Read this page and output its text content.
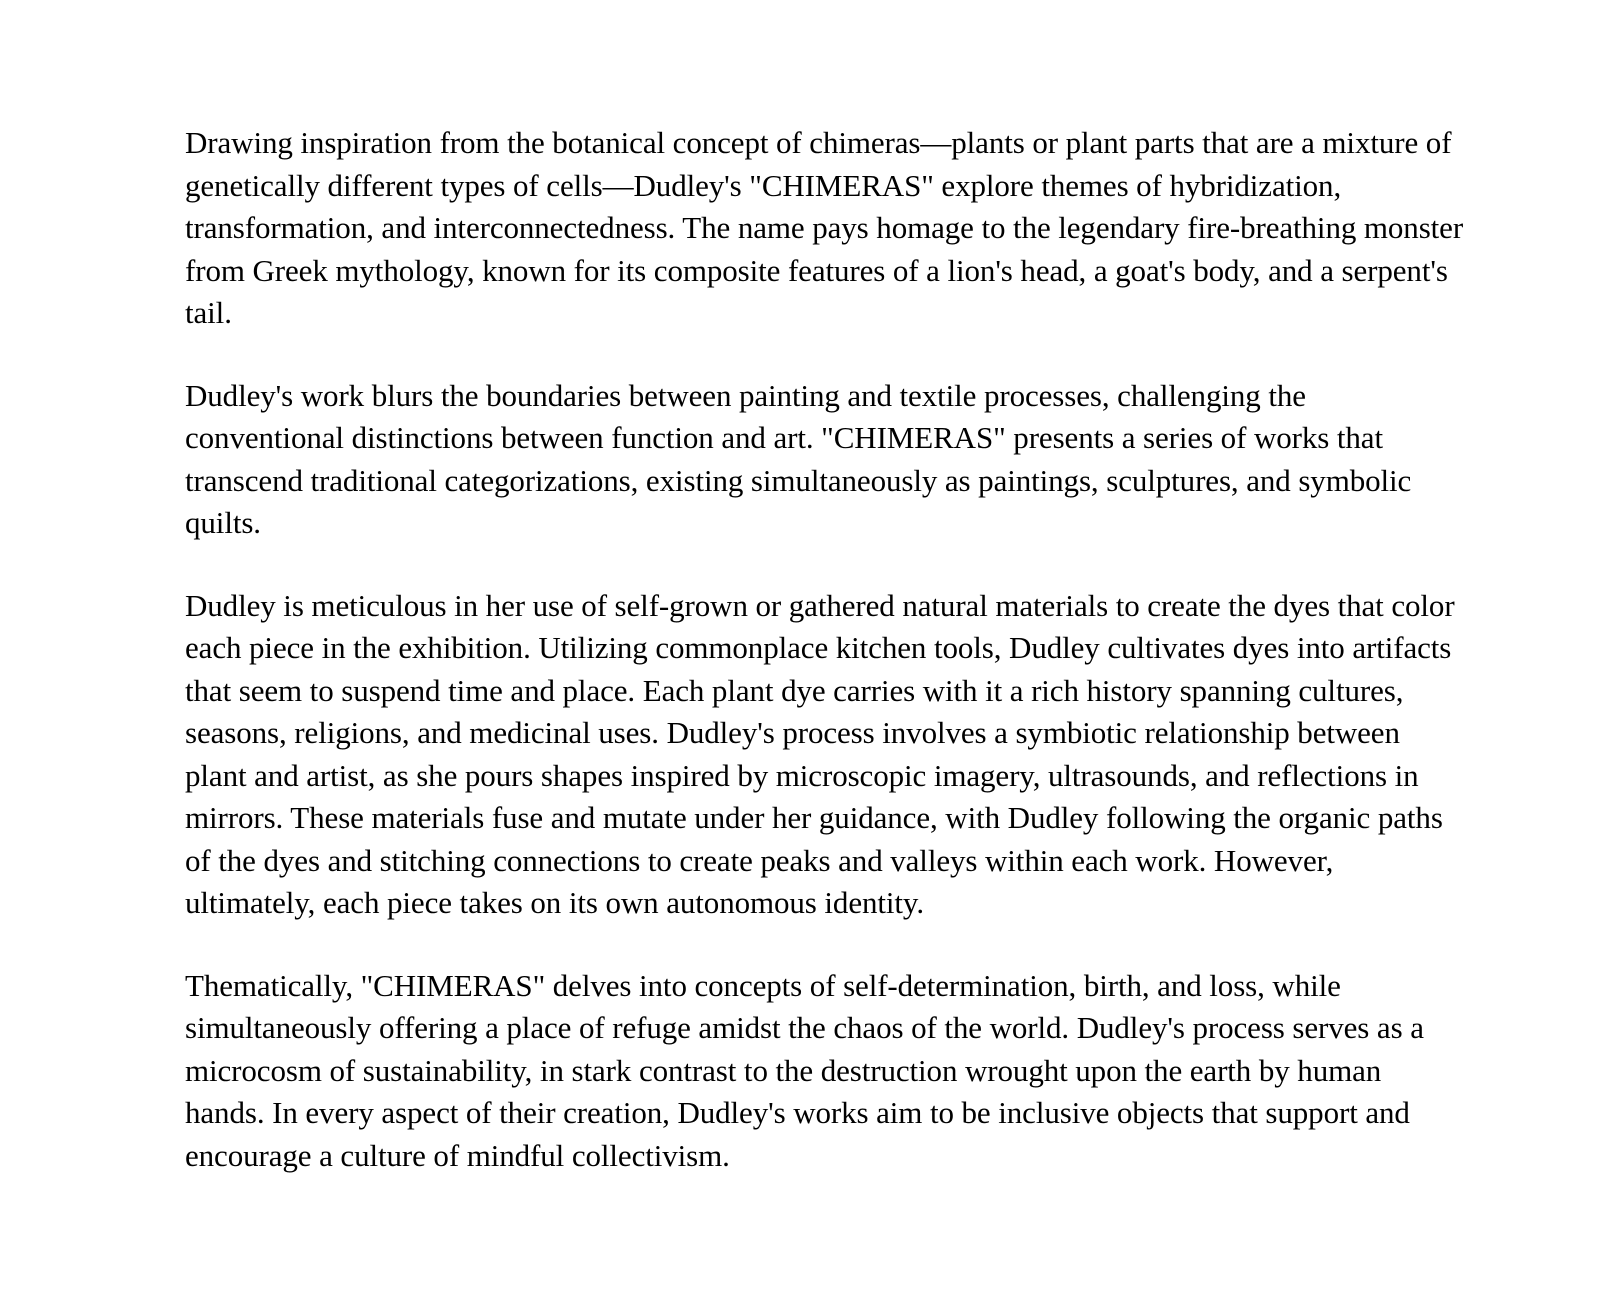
Drawing inspiration from the botanical concept of chimeras—plants or plant parts that are a mixture of genetically different types of cells—Dudley's "CHIMERAS" explore themes of hybridization, transformation, and interconnectedness. The name pays homage to the legendary fire-breathing monster from Greek mythology, known for its composite features of a lion's head, a goat's body, and a serpent's tail.

Dudley's work blurs the boundaries between painting and textile processes, challenging the conventional distinctions between function and art. "CHIMERAS" presents a series of works that transcend traditional categorizations, existing simultaneously as paintings, sculptures, and symbolic quilts.

Dudley is meticulous in her use of self-grown or gathered natural materials to create the dyes that color each piece in the exhibition. Utilizing commonplace kitchen tools, Dudley cultivates dyes into artifacts that seem to suspend time and place. Each plant dye carries with it a rich history spanning cultures, seasons, religions, and medicinal uses. Dudley's process involves a symbiotic relationship between plant and artist, as she pours shapes inspired by microscopic imagery, ultrasounds, and reflections in mirrors. These materials fuse and mutate under her guidance, with Dudley following the organic paths of the dyes and stitching connections to create peaks and valleys within each work. However, ultimately, each piece takes on its own autonomous identity.

Thematically, "CHIMERAS" delves into concepts of self-determination, birth, and loss, while simultaneously offering a place of refuge amidst the chaos of the world. Dudley's process serves as a microcosm of sustainability, in stark contrast to the destruction wrought upon the earth by human hands. In every aspect of their creation, Dudley's works aim to be inclusive objects that support and encourage a culture of mindful collectivism.
